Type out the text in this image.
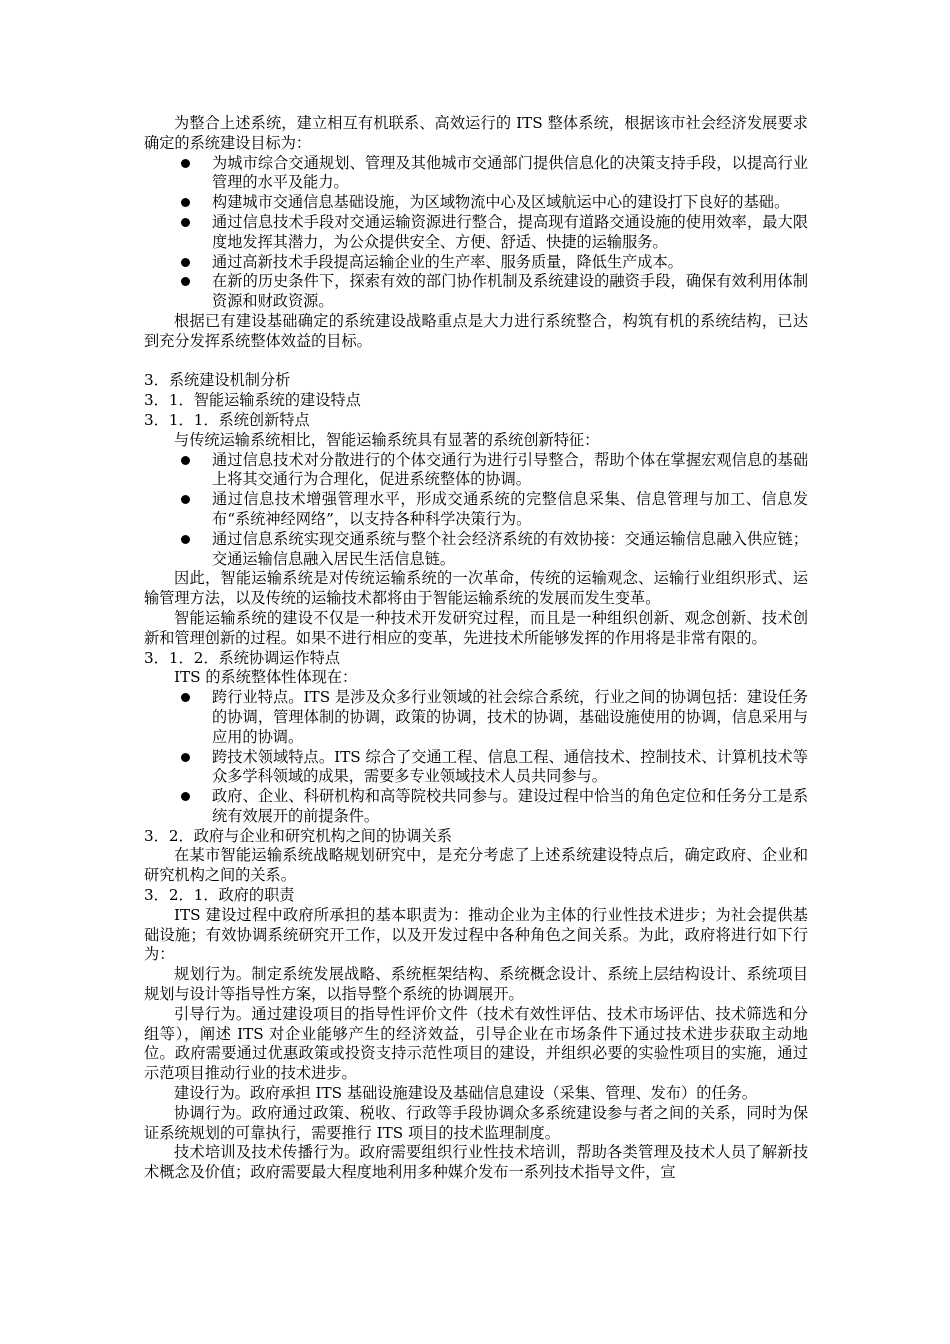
为整合上述系统，建立相互有机联系、高效运行的 ITS 整体系统，根据该市社会经济发展要求确定的系统建设目标为：

为城市综合交通规划、管理及其他城市交通部门提供信息化的决策支持手段，以提高行业管理的水平及能力。
构建城市交通信息基础设施，为区域物流中心及区域航运中心的建设打下良好的基础。
通过信息技术手段对交通运输资源进行整合，提高现有道路交通设施的使用效率，最大限度地发挥其潜力，为公众提供安全、方便、舒适、快捷的运输服务。
通过高新技术手段提高运输企业的生产率、服务质量，降低生产成本。
在新的历史条件下，探索有效的部门协作机制及系统建设的融资手段，确保有效利用体制资源和财政资源。

根据已有建设基础确定的系统建设战略重点是大力进行系统整合，构筑有机的系统结构，已达到充分发挥系统整体效益的目标。

3．系统建设机制分析

3．1．智能运输系统的建设特点

3．1．1．系统创新特点

与传统运输系统相比，智能运输系统具有显著的系统创新特征：

通过信息技术对分散进行的个体交通行为进行引导整合，帮助个体在掌握宏观信息的基础上将其交通行为合理化，促进系统整体的协调。
通过信息技术增强管理水平，形成交通系统的完整信息采集、信息管理与加工、信息发布“系统神经网络”，以支持各种科学决策行为。
通过信息系统实现交通系统与整个社会经济系统的有效协接：交通运输信息融入供应链；交通运输信息融入居民生活信息链。

因此，智能运输系统是对传统运输系统的一次革命，传统的运输观念、运输行业组织形式、运输管理方法，以及传统的运输技术都将由于智能运输系统的发展而发生变革。

智能运输系统的建设不仅是一种技术开发研究过程，而且是一种组织创新、观念创新、技术创新和管理创新的过程。如果不进行相应的变革，先进技术所能够发挥的作用将是非常有限的。

3．1．2．系统协调运作特点

ITS 的系统整体性体现在：

跨行业特点。ITS 是涉及众多行业领域的社会综合系统，行业之间的协调包括：建设任务的协调，管理体制的协调，政策的协调，技术的协调，基础设施使用的协调，信息采用与应用的协调。
跨技术领域特点。ITS 综合了交通工程、信息工程、通信技术、控制技术、计算机技术等众多学科领域的成果，需要多专业领域技术人员共同参与。
政府、企业、科研机构和高等院校共同参与。建设过程中恰当的角色定位和任务分工是系统有效展开的前提条件。

3．2．政府与企业和研究机构之间的协调关系

在某市智能运输系统战略规划研究中，是充分考虑了上述系统建设特点后，确定政府、企业和研究机构之间的关系。

3．2．1．政府的职责

ITS 建设过程中政府所承担的基本职责为：推动企业为主体的行业性技术进步；为社会提供基础设施；有效协调系统研究开工作，以及开发过程中各种角色之间关系。为此，政府将进行如下行为：

规划行为。制定系统发展战略、系统框架结构、系统概念设计、系统上层结构设计、系统项目规划与设计等指导性方案，以指导整个系统的协调展开。

引导行为。通过建设项目的指导性评价文件（技术有效性评估、技术市场评估、技术筛选和分组等），阐述 ITS 对企业能够产生的经济效益，引导企业在市场条件下通过技术进步获取主动地位。政府需要通过优惠政策或投资支持示范性项目的建设，并组织必要的实验性项目的实施，通过示范项目推动行业的技术进步。

建设行为。政府承担 ITS 基础设施建设及基础信息建设（采集、管理、发布）的任务。

协调行为。政府通过政策、税收、行政等手段协调众多系统建设参与者之间的关系，同时为保证系统规划的可靠执行，需要推行 ITS 项目的技术监理制度。

技术培训及技术传播行为。政府需要组织行业性技术培训，帮助各类管理及技术人员了解新技术概念及价值；政府需要最大程度地利用多种媒介发布一系列技术指导文件，宣
